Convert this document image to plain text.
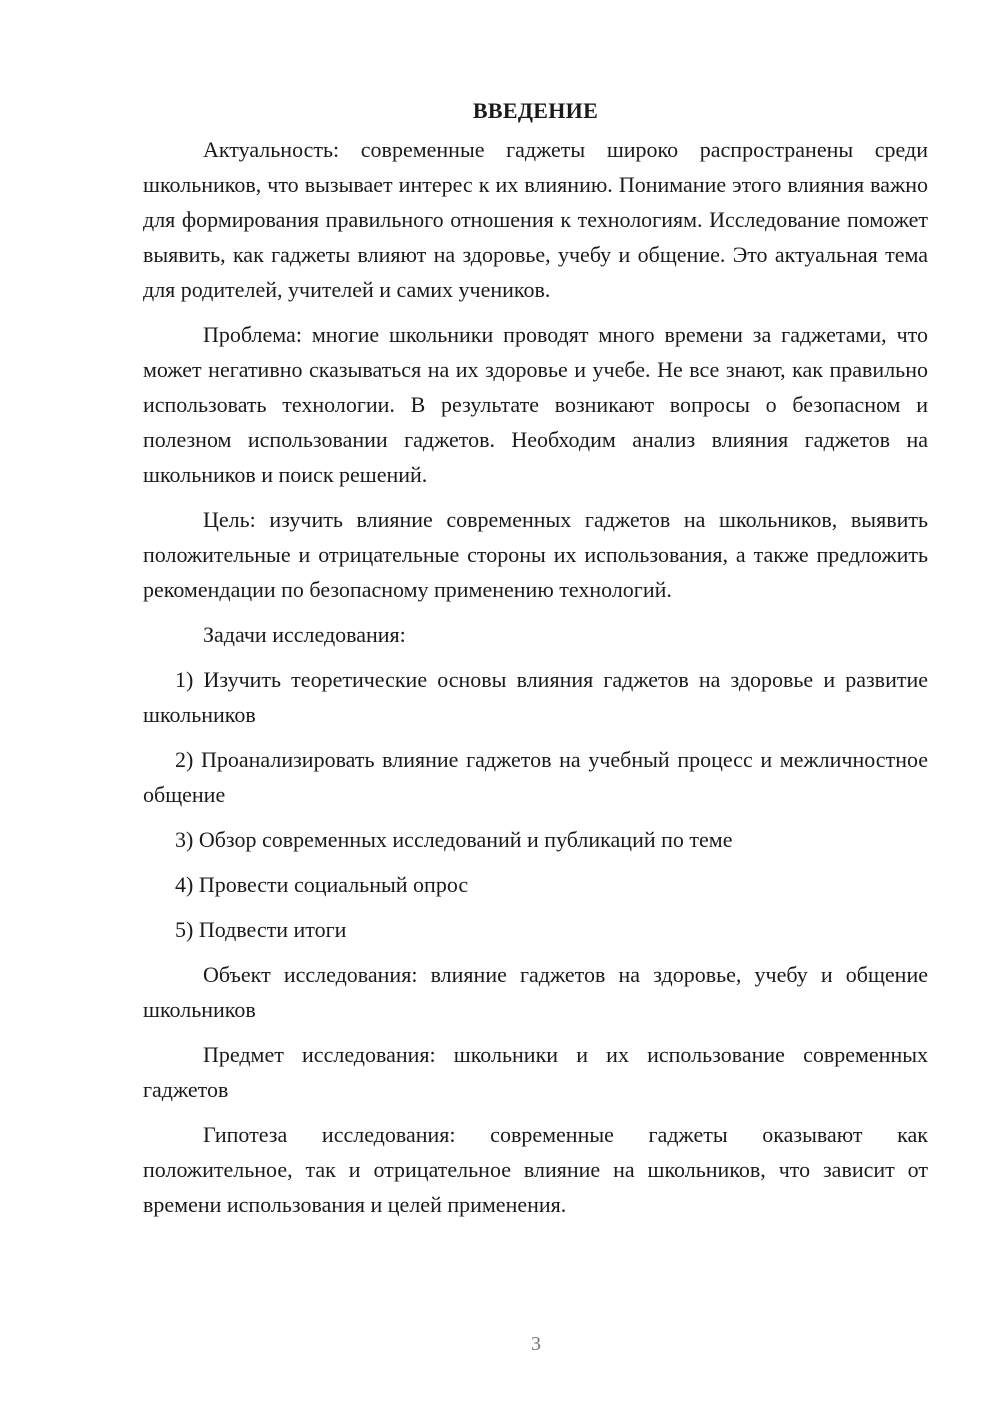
ВВЕДЕНИЕ

Актуальность: современные гаджеты широко распространены среди школьников, что вызывает интерес к их влиянию. Понимание этого влияния важно для формирования правильного отношения к технологиям. Исследование поможет выявить, как гаджеты влияют на здоровье, учебу и общение. Это актуальная тема для родителей, учителей и самих учеников.

Проблема: многие школьники проводят много времени за гаджетами, что может негативно сказываться на их здоровье и учебе. Не все знают, как правильно использовать технологии. В результате возникают вопросы о безопасном и полезном использовании гаджетов. Необходим анализ влияния гаджетов на школьников и поиск решений.

Цель: изучить влияние современных гаджетов на школьников, выявить положительные и отрицательные стороны их использования, а также предложить рекомендации по безопасному применению технологий.

Задачи исследования:

1) Изучить теоретические основы влияния гаджетов на здоровье и развитие школьников

2) Проанализировать влияние гаджетов на учебный процесс и межличностное общение

3) Обзор современных исследований и публикаций по теме

4) Провести социальный опрос

5) Подвести итоги

Объект исследования: влияние гаджетов на здоровье, учебу и общение школьников

Предмет исследования: школьники и их использование современных гаджетов

Гипотеза исследования: современные гаджеты оказывают как положительное, так и отрицательное влияние на школьников, что зависит от времени использования и целей применения.

3
